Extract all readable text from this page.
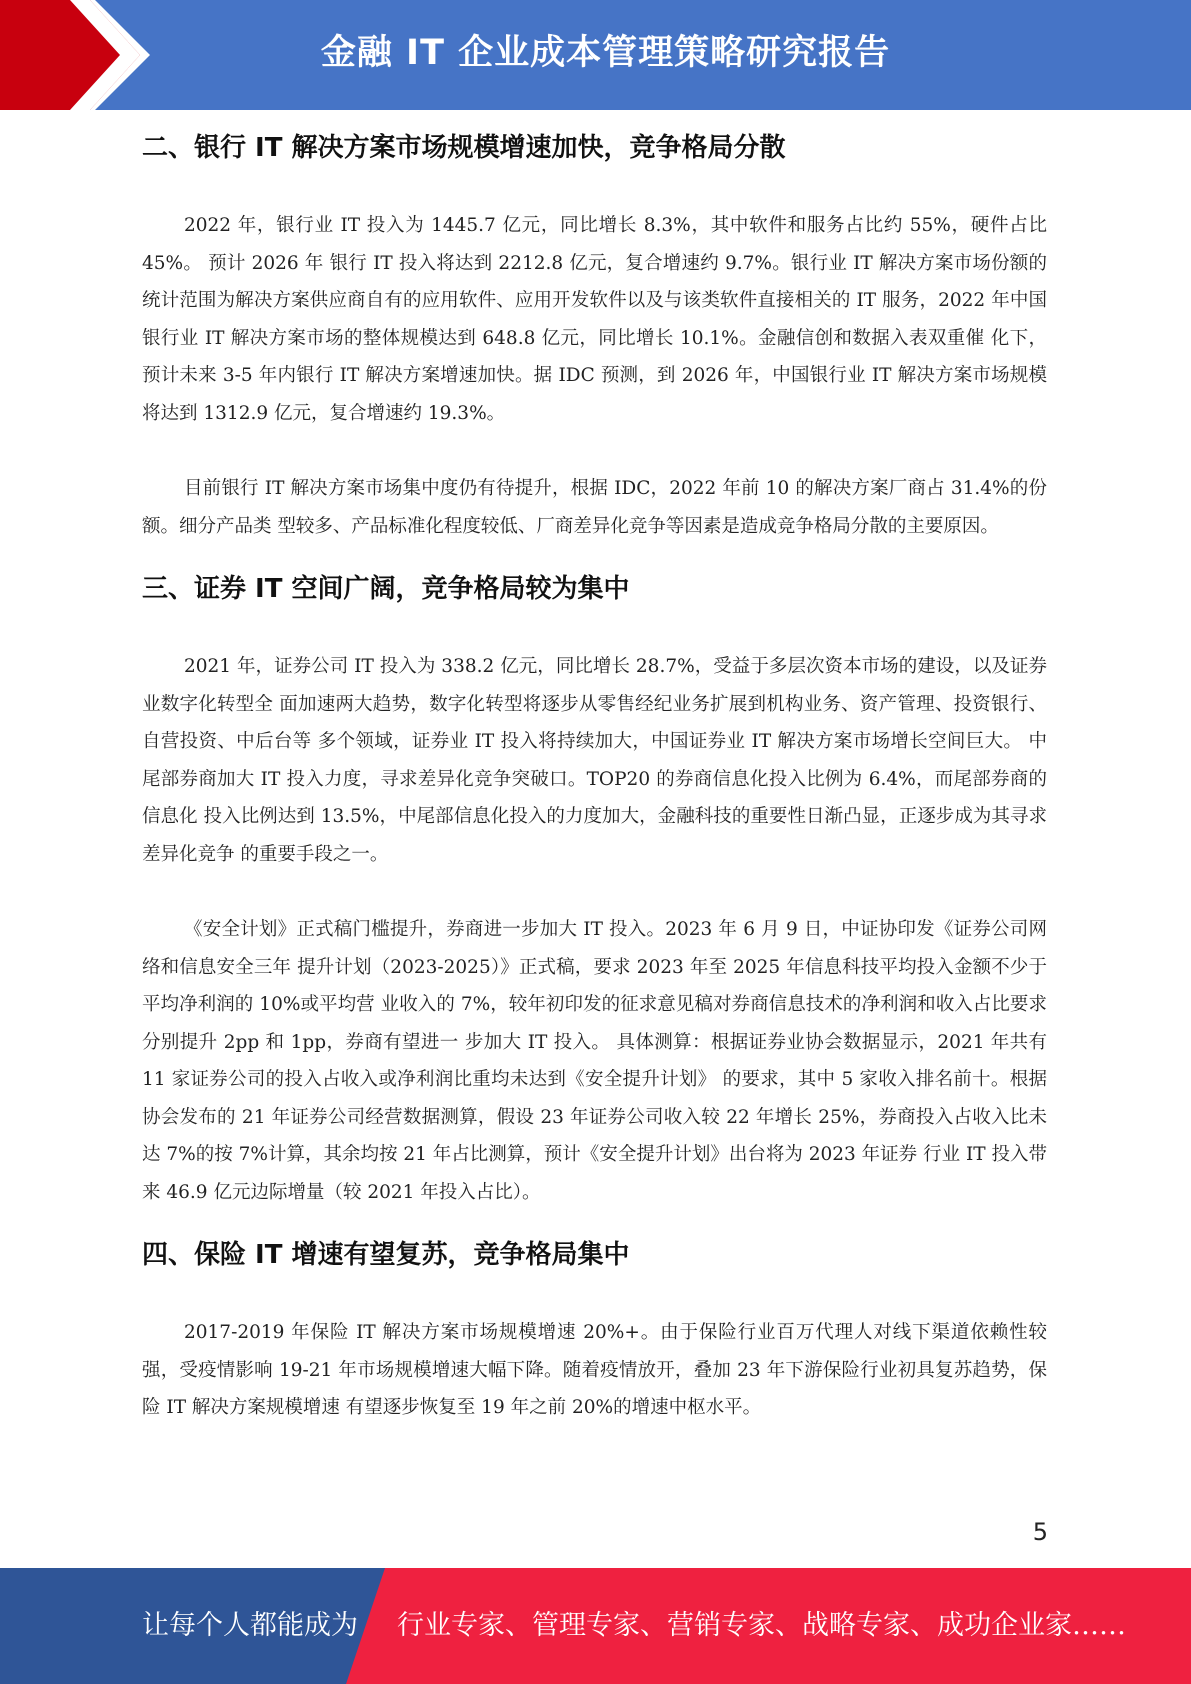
金融 IT 企业成本管理策略研究报告
二、银行 IT 解决方案市场规模增速加快，竞争格局分散

2022 年，银行业 IT 投入为 1445.7 亿元，同比增长 8.3%，其中软件和服务占比约 55%，硬件占比 45%。 预计 2026 年 银行 IT 投入将达到 2212.8 亿元，复合增速约 9.7%。银行业 IT 解决方案市场份额的统计范围为解决方案供应商自有的应用软件、应用开发软件以及与该类软件直接相关的 IT 服务，2022 年中国银行业 IT 解决方案市场的整体规模达到 648.8 亿元，同比增长 10.1%。金融信创和数据入表双重催 化下，预计未来 3-5 年内银行 IT 解决方案增速加快。据 IDC 预测，到 2026 年，中国银行业 IT 解决方案市场规模将达到 1312.9 亿元，复合增速约 19.3%。

目前银行 IT 解决方案市场集中度仍有待提升，根据 IDC，2022 年前 10 的解决方案厂商占 31.4%的份额。细分产品类 型较多、产品标准化程度较低、厂商差异化竞争等因素是造成竞争格局分散的主要原因。

三、证券 IT 空间广阔，竞争格局较为集中

2021 年，证券公司 IT 投入为 338.2 亿元，同比增长 28.7%，受益于多层次资本市场的建设，以及证券业数字化转型全 面加速两大趋势，数字化转型将逐步从零售经纪业务扩展到机构业务、资产管理、投资银行、自营投资、中后台等 多个领域，证券业 IT 投入将持续加大，中国证券业 IT 解决方案市场增长空间巨大。 中尾部券商加大 IT 投入力度，寻求差异化竞争突破口。TOP20 的券商信息化投入比例为 6.4%，而尾部券商的信息化 投入比例达到 13.5%，中尾部信息化投入的力度加大，金融科技的重要性日渐凸显，正逐步成为其寻求差异化竞争 的重要手段之一。

《安全计划》正式稿门槛提升，券商进一步加大 IT 投入。2023 年 6 月 9 日，中证协印发《证券公司网络和信息安全三年 提升计划（2023-2025）》正式稿，要求 2023 年至 2025 年信息科技平均投入金额不少于平均净利润的 10%或平均营 业收入的 7%，较年初印发的征求意见稿对券商信息技术的净利润和收入占比要求分别提升 2pp 和 1pp，券商有望进一 步加大 IT 投入。 具体测算：根据证券业协会数据显示，2021 年共有 11 家证券公司的投入占收入或净利润比重均未达到《安全提升计划》 的要求，其中 5 家收入排名前十。根据协会发布的 21 年证券公司经营数据测算，假设 23 年证券公司收入较 22 年增长 25%，券商投入占收入比未达 7%的按 7%计算，其余均按 21 年占比测算，预计《安全提升计划》出台将为 2023 年证券 行业 IT 投入带来 46.9 亿元边际增量（较 2021 年投入占比）。

四、保险 IT 增速有望复苏，竞争格局集中

2017-2019 年保险 IT 解决方案市场规模增速 20%+。由于保险行业百万代理人对线下渠道依赖性较强，受疫情影响 19-21 年市场规模增速大幅下降。随着疫情放开，叠加 23 年下游保险行业初具复苏趋势，保险 IT 解决方案规模增速 有望逐步恢复至 19 年之前 20%的增速中枢水平。

5
让每个人都能成为 行业专家、管理专家、营销专家、战略专家、成功企业家……
